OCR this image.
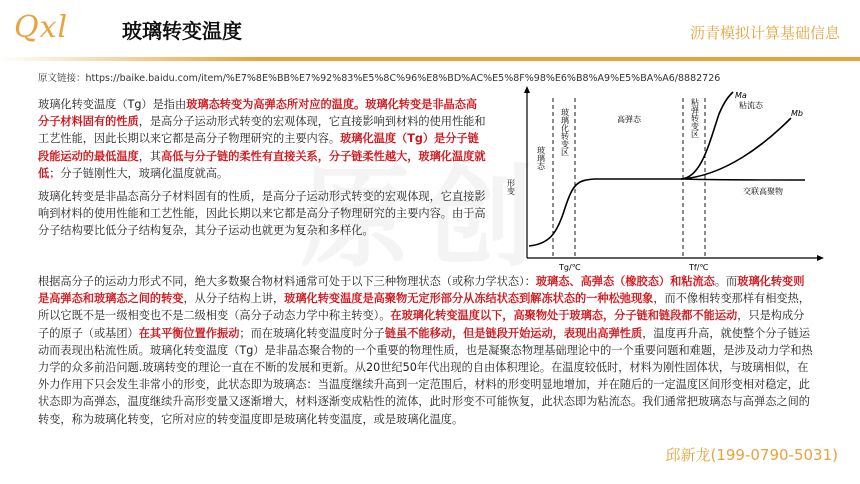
Qxl	玻璃转变温度	沥青模拟计算基础信息
原文链接：https://baike.baidu.com/item/%E7%8E%BB%E7%92%83%E5%8C%96%E8%BD%AC%E5%8F%98%E6%B8%A9%E5%BA%A6/8882726

玻璃化转变温度（Tg）是指由玻璃态转变为高弹态所对应的温度。玻璃化转变是非晶态高分子材料固有的性质，是高分子运动形式转变的宏观体现，它直接影响到材料的使用性能和工艺性能，因此长期以来它都是高分子物理研究的主要内容。玻璃化温度（Tg）是分子链段能运动的最低温度，其高低与分子链的柔性有直接关系，分子链柔性越大，玻璃化温度就低；分子链刚性大，玻璃化温度就高。

玻璃化转变是非晶态高分子材料固有的性质，是高分子运动形式转变的宏观体现，它直接影响到材料的使用性能和工艺性能，因此长期以来它都是高分子物理研究的主要内容。由于高分子结构要比低分子结构复杂，其分子运动也就更为复杂和多样化。

形变
玻璃态
玻璃化转变区	高弹态	粘弹转变区	粘流态
Ma
Mb
交联高聚物
Tg/℃	Tf/℃

根据高分子的运动力形式不同，绝大多数聚合物材料通常可处于以下三种物理状态（或称力学状态）：玻璃态、高弹态（橡胶态）和粘流态。而玻璃化转变则是高弹态和玻璃态之间的转变，从分子结构上讲，玻璃化转变温度是高聚物无定形部分从冻结状态到解冻状态的一种松弛现象，而不像相转变那样有相变热，所以它既不是一级相变也不是二级相变（高分子动态力学中称主转变）。在玻璃化转变温度以下，高聚物处于玻璃态，分子链和链段都不能运动，只是构成分子的原子（或基团）在其平衡位置作振动；而在玻璃化转变温度时分子链虽不能移动，但是链段开始运动，表现出高弹性质，温度再升高，就使整个分子链运动而表现出粘流性质。玻璃化转变温度（Tg）是非晶态聚合物的一个重要的物理性质，也是凝聚态物理基础理论中的一个重要问题和难题，是涉及动力学和热力学的众多前沿问题.玻璃转变的理论一直在不断的发展和更新。从20世纪50年代出现的自由体积理论。在温度较低时，材料为刚性固体状，与玻璃相似，在外力作用下只会发生非常小的形变，此状态即为玻璃态：当温度继续升高到一定范围后，材料的形变明显地增加，并在随后的一定温度区间形变相对稳定，此状态即为高弹态，温度继续升高形变量又逐渐增大，材料逐渐变成粘性的流体，此时形变不可能恢复，此状态即为粘流态。我们通常把玻璃态与高弹态之间的转变，称为玻璃化转变，它所对应的转变温度即是玻璃化转变温度，或是玻璃化温度。

邱新龙(199-0790-5031)
